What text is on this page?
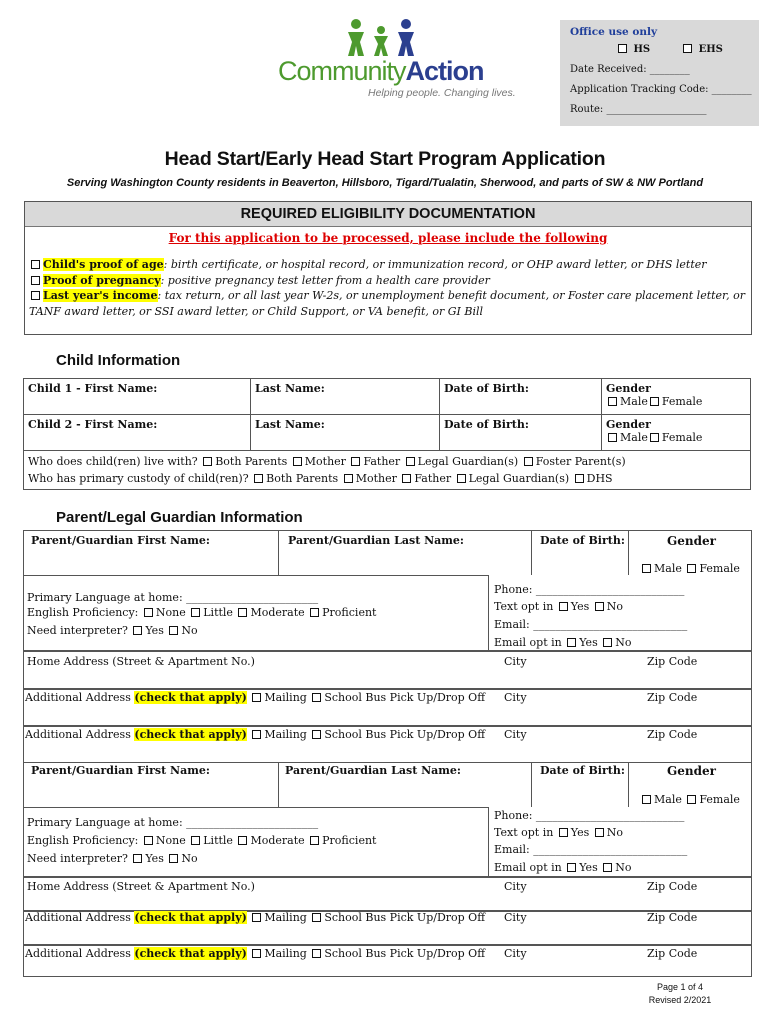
CommunityAction
Helping people. Changing lives.
Office use only
HS	EHS
Date Received: ________
Application Tracking Code: ________
Route: ____________________
Head Start/Early Head Start Program Application
Serving Washington County residents in Beaverton, Hillsboro, Tigard/Tualatin, Sherwood, and parts of SW & NW Portland
REQUIRED ELIGIBILITY DOCUMENTATION
For this application to be processed, please include the following
Child's proof of age: birth certificate, or hospital record, or immunization record, or OHP award letter, or DHS letter
Proof of pregnancy: positive pregnancy test letter from a health care provider
Last year's income: tax return, or all last year W-2s, or unemployment benefit document, or Foster care placement letter, or TANF award letter, or SSI award letter, or Child Support, or VA benefit, or GI Bill
Child Information
Child 1 - First Name:	Last Name:	Date of Birth:	Gender
Male Female

Child 2 - First Name:	Last Name:	Date of Birth:	Gender
Male Female

Who does child(ren) live with? Both Parents Mother Father Legal Guardian(s) Foster Parent(s)
Who has primary custody of child(ren)? Both Parents Mother Father Legal Guardian(s) DHS			
Parent/Legal Guardian Information
Parent/Guardian First Name:	Parent/Guardian Last Name:	Date of Birth:	Gender
Male Female
Primary Language at home: ________________________
English Proficiency: None Little Moderate Proficient
Need interpreter? Yes No
Phone: ___________________________
Text opt in Yes No
Email: ____________________________
Email opt in Yes No
Home Address (Street & Apartment No.)	City	Zip Code
Additional Address (check that apply) Mailing School Bus Pick Up/Drop Off City	Zip Code
Additional Address (check that apply) Mailing School Bus Pick Up/Drop Off City	Zip Code
Parent/Guardian First Name:	Parent/Guardian Last Name:	Date of Birth:	Gender
Male Female
Primary Language at home: ________________________
English Proficiency: None Little Moderate Proficient
Need interpreter? Yes No
Phone: ___________________________
Text opt in Yes No
Email: ____________________________
Email opt in Yes No
Home Address (Street & Apartment No.)	City	Zip Code
Additional Address (check that apply) Mailing School Bus Pick Up/Drop Off City	Zip Code
Additional Address (check that apply) Mailing School Bus Pick Up/Drop Off City	Zip Code
Page 1 of 4
Revised 2/2021
